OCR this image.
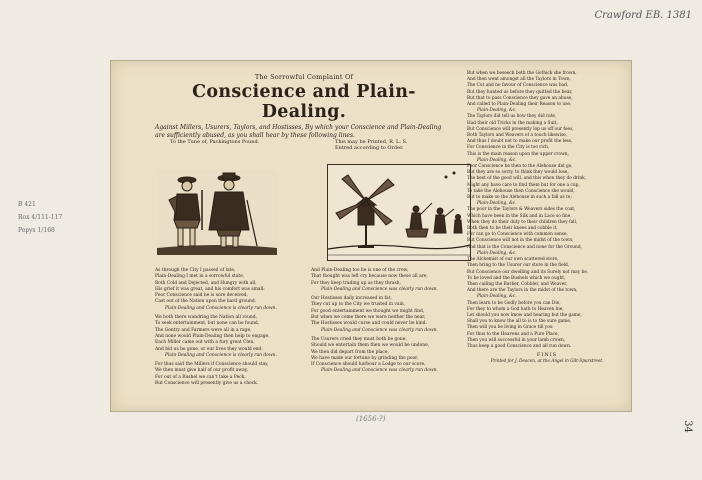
Crawford EB. 1381
B 421
Rox 4/111-117
Pepys 1/168
34
(1656-?)
The Sorrowful Complaint Of
Conscience and Plain-Dealing.
Against Millers, Usurers, Taylors, and Hostisses, By which your Conscience and Plain-Dealing are sufficiently abused, as you shall hear by these following lines.
To the Tune of, Packingtons Pound.	This may be Printed, R. L. S.
Entred according to Order.
As through the City I passed of late,
Plain-Dealing I met in a sorrowful state,
Both Cold and Dejected, and Hungry with all,
His grief it was great, and his comfort was small:
Poor Conscience said he is sore deceived,
Cast out of the Nation upon the hard ground.
Plain-Dealing and Conscience is clearly run down.
We both there wandring the Nation all round,
To seek entertainment, but none can be found,
The Gentry and Farmers were all in a rage,
And none would Plain-Dealing then help to engage,
Each Miller came out with a fury great Clen,
And bid us be gone, or our lives they would end.
Plain-Dealing and Conscience is clearly run down.
For thus said the Millers if Conscience should stay,
We then must give half of our profit away,
For out of a Bushel we can't take a Peck,
But Conscience will presently give us a check.
And Plain-Dealing too he is one of the crew,
That thought was left cry because now these all are,
For they keep trading up as they thrash,
Plain-Dealing and Conscience was clearly run down.
Our Hostisses daily increased in fat,
They cut up to the City we trusted in vain,
For good entertainment we thought we might find,
But when we come there we were neither the near,
The Hostisses would curse and could never be kind.
Plain-Dealing and Conscience was clearly run down.
The Usurers cried they must both be gone,
Should we entertain them then we would be undone,
We then did depart from the place,
We have made our fortune by grinding the poor,
If Conscience should harbour a Lodge to our score,
Plain-Dealing and Conscience was clearly run down.
But when we beseech both the Gothick she frown,
And then went amongst all the Taylors in Town,
The Cut and no favour of Conscience was had,
But they hunted us before they quitted the bear,
But that to pass Conscience they gave an abuse,
And called to Plain-Dealing their Reason to use,
Plain-Dealing, &c.
The Taylors did tell us how they did rate,
Had their old Tricks in the making a Suit,
But Conscience will presently lop us off our fees,
Both Taylors and Weavers of a touch likewise,
And thus I doubt not to make our profit the less,
For Conscience in the City is too rich,
This is the main reason upon the upper crown,
Plain-Dealing, &c.
Poor Conscience be then to the Alehouse did go,
But they are so sorry, to think they would lose,
The best of the good will, and this when they do drink,
Might any have care to find them but for one a cup,
To take the Alehouse then Conscience she would,
But to make so the Alehouse in such a fall as to;
Plain-Dealing, &c.
The poor in the Taylors & Weavers sides the coat,
Which have been in the Silk and in Lace so fine,
When they do their duty to their children they fall,
Both then to be their knees and cobble it,
For can go to Conscience with common sense,
But Conscience will not in the midst of the town,
And that is the Conscience and none for the Ground,
Plain-Dealing, &c.
The Alchemist of our own scattered store,
Then bring to the Usurer our store in the field,
But Conscience our dwelling and its Surely not may be,
To be loved and the Bushels which we ought,
Then calling the Barber, Cobbler, and Weaver,
And there are the Taylors in the midst of the town,
Plain-Dealing, &c.
Then learn to be Godly before you can Die,
For they to whom a God hath to Heaven hie,
Let should you now know and hearing but the game,
Shall you to know the all to is to the sure game,
Then will you be living in Grace till you
For thus to the Heavens and a Pure Place,
Then you will successful in your lamb crown,
Thus keep a good Conscience and all run down.
FINIS
Printed for J. Deacon, at the Angel in Gilt-Spurstreet.
